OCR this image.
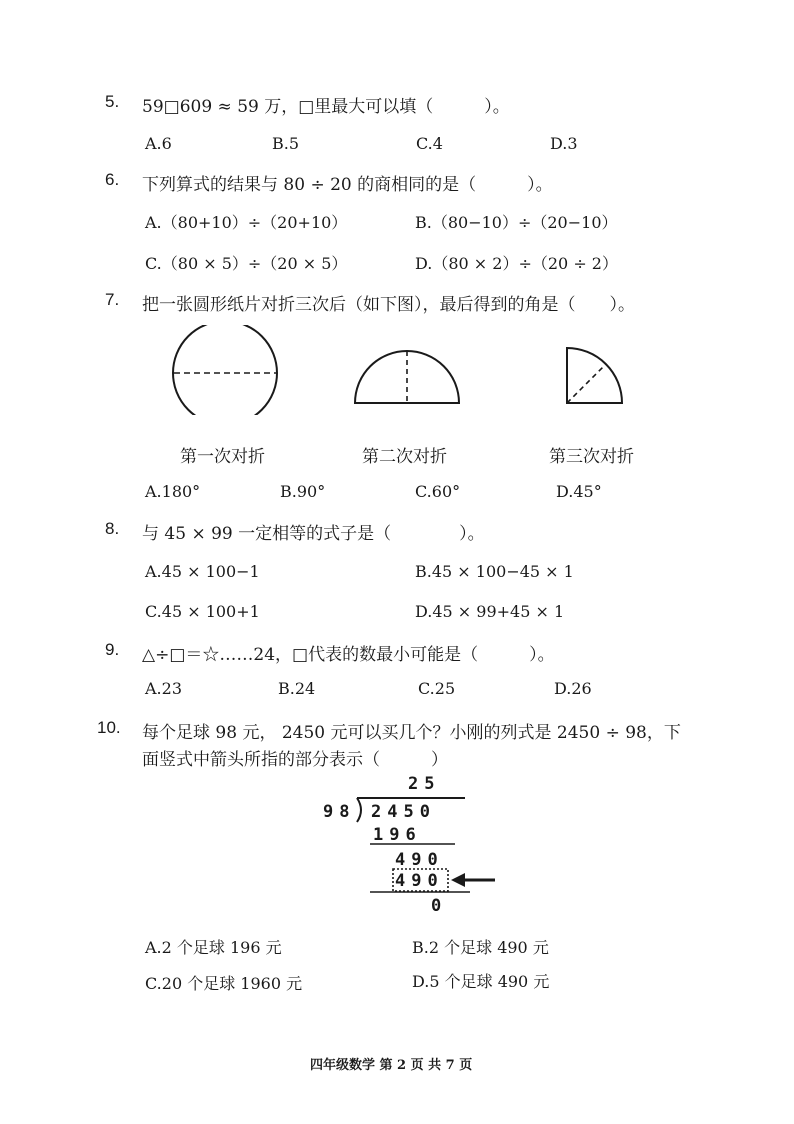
5. 59□609 ≈ 59 万，□里最大可以填（　　　）。
A.6	B.5	C.4	D.3
6. 下列算式的结果与 80 ÷ 20 的商相同的是（　　　）。
A.（80+10）÷（20+10）	B.（80−10）÷（20−10）
C.（80 × 5）÷（20 × 5）	D.（80 × 2）÷（20 ÷ 2）
7. 把一张圆形纸片对折三次后（如下图），最后得到的角是（　　）。
第一次对折	第二次对折	第三次对折
A.180°	B.90°	C.60°	D.45°
8. 与 45 × 99 一定相等的式子是（　　　　）。
A.45 × 100−1	B.45 × 100−45 × 1
C.45 × 100+1	D.45 × 99+45 × 1
9. △÷□＝☆……24，□代表的数最小可能是（　　　）。
A.23	B.24	C.25	D.26
10. 每个足球 98 元， 2450 元可以买几个？小刚的列式是 2450 ÷ 98，下
面竖式中箭头所指的部分表示（　　　）
25
98 2450
196
490
490
0
A.2 个足球 196 元	B.2 个足球 490 元
C.20 个足球 1960 元	D.5 个足球 490 元
四年级数学 第 2 页 共 7 页
